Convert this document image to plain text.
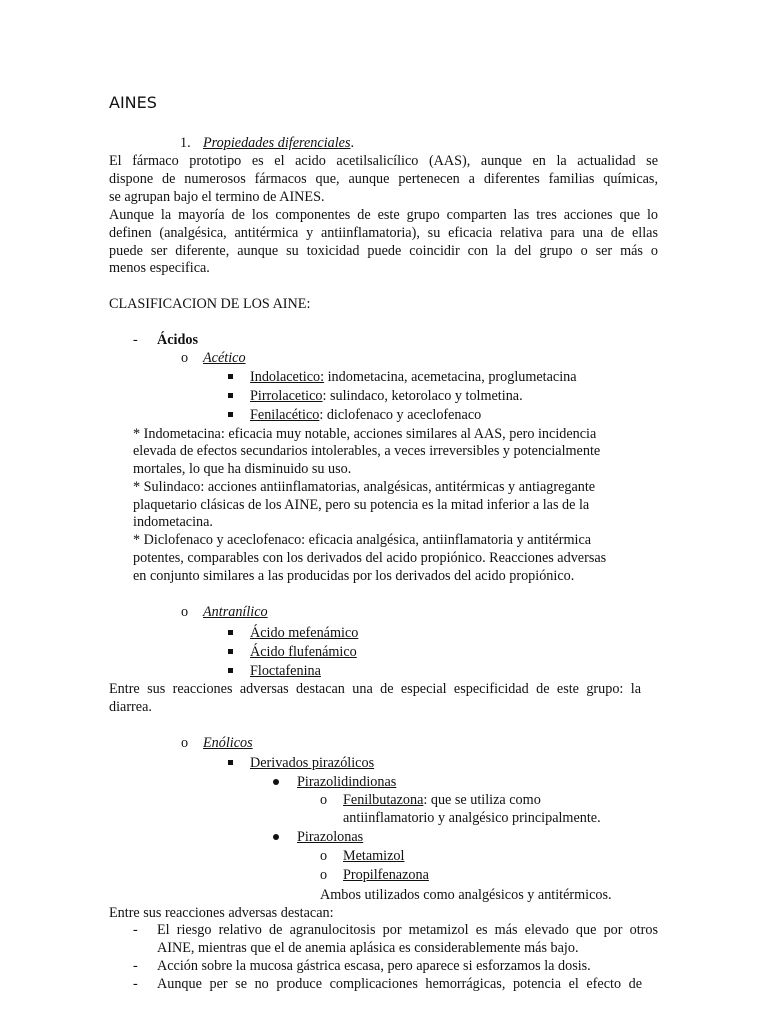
AINES
1. Propiedades diferenciales.
El fármaco prototipo es el acido acetilsalicílico (AAS), aunque en la actualidad se
dispone de numerosos fármacos que, aunque pertenecen a diferentes familias químicas,
se agrupan bajo el termino de AINES.
Aunque la mayoría de los componentes de este grupo comparten las tres acciones que lo
definen (analgésica, antitérmica y antiinflamatoria), su eficacia relativa para una de ellas
puede ser diferente, aunque su toxicidad puede coincidir con la del grupo o ser más o
menos especifica.
CLASIFICACION DE LOS AINE:
- Ácidos
o Acético
Indolacetico: indometacina, acemetacina, proglumetacina
Pirrolacetico: sulindaco, ketorolaco y tolmetina.
Fenilacético: diclofenaco y aceclofenaco
* Indometacina: eficacia muy notable, acciones similares al AAS, pero incidencia
elevada de efectos secundarios intolerables, a veces irreversibles y potencialmente
mortales, lo que ha disminuido su uso.
* Sulindaco: acciones antiinflamatorias, analgésicas, antitérmicas y antiagregante
plaquetario clásicas de los AINE, pero su potencia es la mitad inferior a las de la
indometacina.
* Diclofenaco y aceclofenaco: eficacia analgésica, antiinflamatoria y antitérmica
potentes, comparables con los derivados del acido propiónico. Reacciones adversas
en conjunto similares a las producidas por los derivados del acido propiónico.
o Antranílico
Ácido mefenámico
Ácido flufenámico
Floctafenina
Entre sus reacciones adversas destacan una de especial especificidad de este grupo: la
diarrea.
o Enólicos
Derivados pirazólicos
Pirazolidindionas
o Fenilbutazona: que se utiliza como
antiinflamatorio y analgésico principalmente.
Pirazolonas
o Metamizol
o Propilfenazona
Ambos utilizados como analgésicos y antitérmicos.
Entre sus reacciones adversas destacan:
- El riesgo relativo de agranulocitosis por metamizol es más elevado que por otros
AINE, mientras que el de anemia aplásica es considerablemente más bajo.
- Acción sobre la mucosa gástrica escasa, pero aparece si esforzamos la dosis.
- Aunque per se no produce complicaciones hemorrágicas, potencia el efecto de
